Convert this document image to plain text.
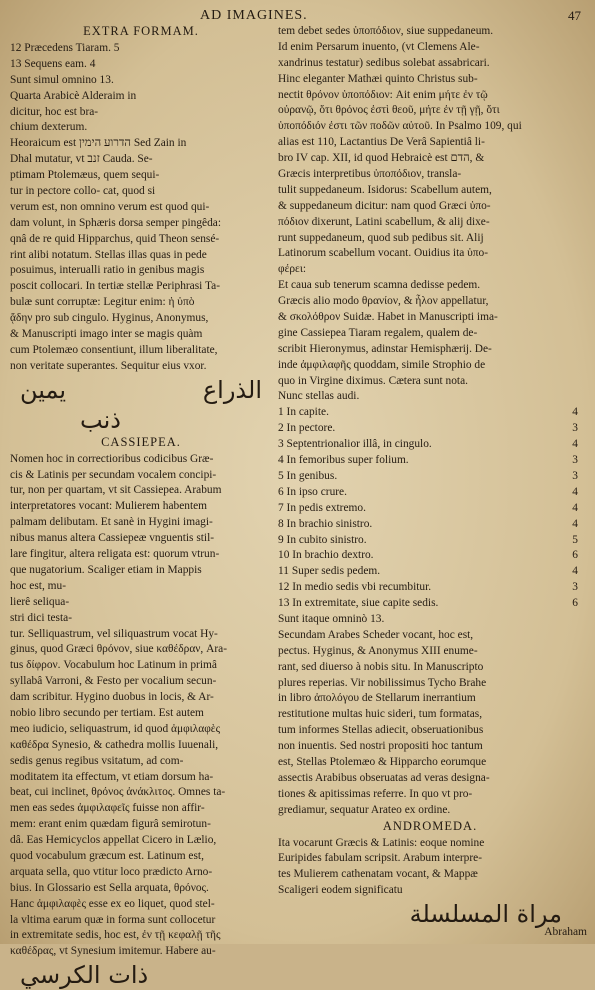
AD IMAGINES.	47
EXTRA FORMAM.
12 Præcedens Tiaram. 5
13 Sequens eam. 4
Sunt simul omnino 13.
Quarta Arabicè Alderaim in
dicitur, hoc est bra-
chium dexterum.
Heoraicum est הדרוע הימין Sed Zain in
Dhal mutatur, vt זנב Cauda. Se-
ptimam Ptolemæus, quem sequi-
tur in pectore collo- cat, quod si
verum est, non omnino verum est quod qui-
dam volunt, in Sphæris dorsa semper pingêda:
qnâ de re quid Hipparchus, quid Theon sensé-
rint alibi notatum. Stellas illas quas in pede
posuimus, interualli ratio in genibus magis
poscit collocari. In tertiæ stellæ Periphrasi Ta-
bulæ sunt corruptæ: Legitur enim: ἡ ὑπὸ
ᾄδην pro sub cingulo. Hyginus, Anonymus,
& Manuscripti imago inter se magis quàm
cum Ptolemæo consentiunt, illum liberalitate,
non veritate superantes. Sequitur eius vxor.
الذراع
يمين
ذنب
CASSIEPEA.
Nomen hoc in correctioribus codicibus Græ-
cis & Latinis per secundam vocalem concipi-
tur, non per quartam, vt sit Cassiepea. Arabum
interpretatores vocant: Mulierem habentem
palmam delibutam. Et sanè in Hygini imagi-
nibus manus altera Cassiepeæ vnguentis stil-
lare fingitur, altera religata est: quorum vtrun-
que nugatorium. Scaliger etiam in Mappis
hoc est, mu-
lierê seliqua-
stri dici testa-
tur. Selliquastrum, vel siliquastrum vocat Hy-
ginus, quod Græci θρόνον, siue καθέδραν, Ara-
tus δίφρον. Vocabulum hoc Latinum in primâ
syllabâ Varroni, & Festo per vocalium secun-
dam scribitur. Hygino duobus in locis, & Ar-
nobio libro secundo per tertiam. Est autem
meo iudicio, seliquastrum, id quod ἀμφιλαφὲς
καθέδρα Synesio, & cathedra mollis Iuuenali,
sedis genus regibus vsitatum, ad com-
moditatem ita effectum, vt etiam dorsum ha-
beat, cui inclinet, θρόνος ἀνάκλιτος. Omnes ta-
men eas sedes ἀμφιλαφεῖς fuisse non affir-
mem: erant enim quædam figurâ semirotun-
dâ. Eas Hemicyclos appellat Cicero in Lælio,
quod vocabulum græcum est. Latinum est,
arquata sella, quo vtitur loco prædicto Arno-
bius. In Glossario est Sella arquata, θρόνος.
Hanc ἀμφιλαφὲς esse ex eo liquet, quod stel-
la vltima earum quæ in forma sunt collocetur
in extremitate sedis, hoc est, ἐν τῇ κεφαλῇ τῆς
καθέδρας, vt Synesium imitemur. Habere au-
ذات الكرسي
tem debet sedes ὑποπόδιον, siue suppedaneum.
Id enim Persarum inuento, (vt Clemens Ale-
xandrinus testatur) sedibus solebat assabricari.
Hinc eleganter Mathæi quinto Christus sub-
nectit θρόνον ὑποπόδιον: Ait enim μήτε ἐν τῷ
οὐρανῷ, ὅτι θρόνος ἐστὶ θεοῦ, μήτε ἐν τῇ γῇ, ὅτι
ὑποπόδιόν ἐστι τῶν ποδῶν αὐτοῦ. In Psalmo 109, qui
alias est 110, Lactantius De Verâ Sapientiâ li-
bro IV cap. XII, id quod Hebraicè est הדם, &
Græcis interpretibus ὑποπόδιον, transla-
tulit suppedaneum. Isidorus: Scabellum autem,
& suppedaneum dicitur: nam quod Græci ὑπο-
πόδιον dixerunt, Latini scabellum, & alij dixe-
runt suppedaneum, quod sub pedibus sit. Alij
Latinorum scabellum vocant. Ouidius ita ὑπο-
φέρει:
Et caua sub tenerum scamna dedisse pedem.
Græcis alio modo θρανίον, & ἦλον appellatur,
& σκολόθρον Suidæ. Habet in Manuscripti ima-
gine Cassiepea Tiaram regalem, qualem de-
scribit Hieronymus, adinstar Hemisphærij. De-
inde ἀμφιλαφῆς quoddam, simile Strophio de
quo in Virgine diximus. Cætera sunt nota.
Nunc stellas audi.
1 In capite.	4
2 In pectore.	3
3 Septentrionalior illâ, in cingulo.	4
4 In femoribus super folium.	3
5 In genibus.	3
6 In ipso crure.	4
7 In pedis extremo.	4
8 In brachio sinistro.	4
9 In cubito sinistro.	5
10 In brachio dextro.	6
11 Super sedis pedem.	4
12 In medio sedis vbi recumbitur.	3
13 In extremitate, siue capite sedis.	6
Sunt itaque omninò 13.
Secundam Arabes Scheder vocant, hoc est,
pectus. Hyginus, & Anonymus XIII enume-
rant, sed diuerso à nobis situ. In Manuscripto
plures reperias. Vir nobilissimus Tycho Brahe
in libro ἀπολόγου de Stellarum inerrantium
restitutione multas huic sideri, tum formatas,
tum informes Stellas adiecit, obseruationibus
non inuentis. Sed nostri propositi hoc tantum
est, Stellas Ptolemæo & Hipparcho eorumque
assectis Arabibus obseruatas ad veras designa-
tiones & apitissimas referre. In quo vt pro-
grediamur, sequatur Arateo ex ordine.
ANDROMEDA.
Ita vocarunt Græcis & Latinis: eoque nomine
Euripides fabulam scripsit. Arabum interpre-
tes Mulierem cathenatam vocant, & Mappæ
Scaligeri eodem significatu
مراة المسلسلة
Abraham
